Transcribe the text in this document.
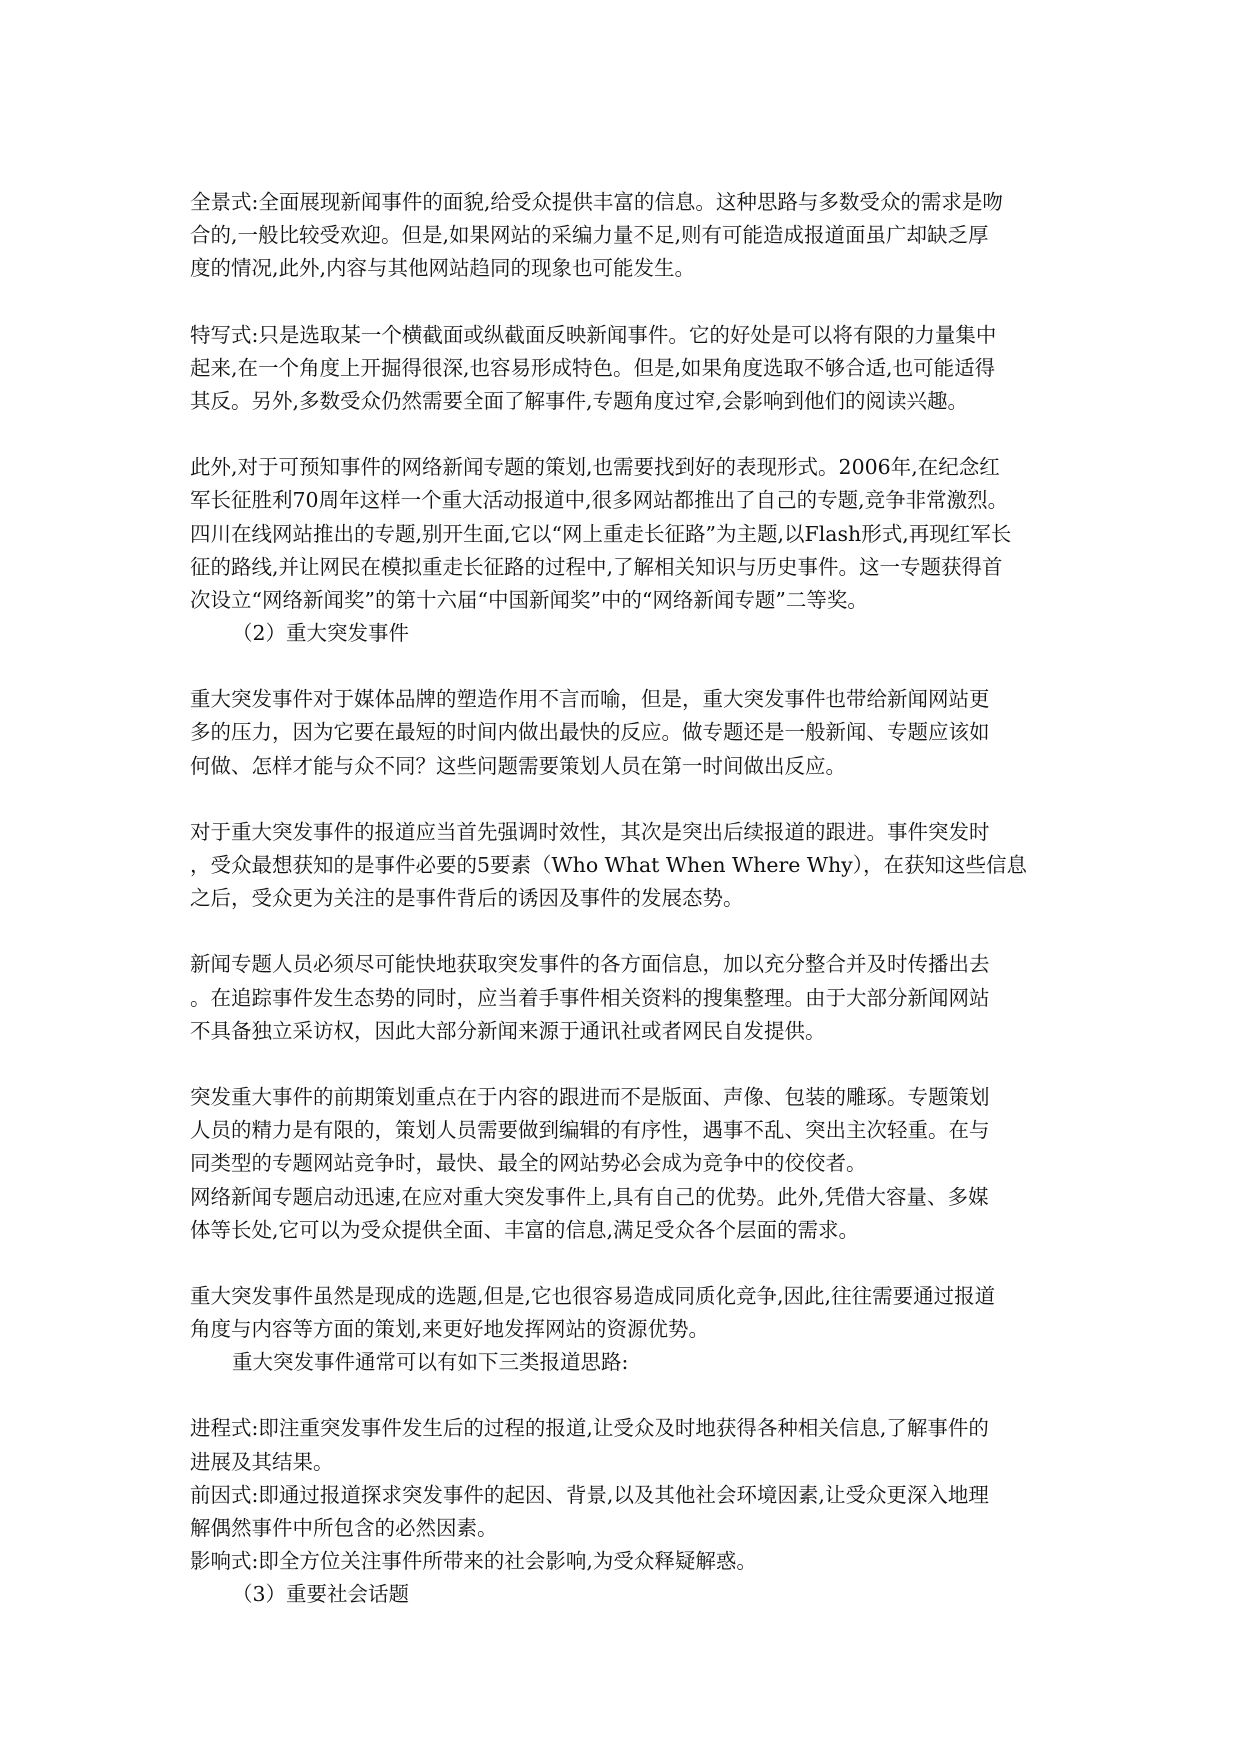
全景式:全面展现新闻事件的面貌,给受众提供丰富的信息。这种思路与多数受众的需求是吻
合的,一般比较受欢迎。但是,如果网站的采编力量不足,则有可能造成报道面虽广却缺乏厚
度的情况,此外,内容与其他网站趋同的现象也可能发生。
特写式:只是选取某一个横截面或纵截面反映新闻事件。它的好处是可以将有限的力量集中
起来,在一个角度上开掘得很深,也容易形成特色。但是,如果角度选取不够合适,也可能适得
其反。另外,多数受众仍然需要全面了解事件,专题角度过窄,会影响到他们的阅读兴趣。
此外,对于可预知事件的网络新闻专题的策划,也需要找到好的表现形式。2006年,在纪念红
军长征胜利70周年这样一个重大活动报道中,很多网站都推出了自己的专题,竞争非常激烈。
四川在线网站推出的专题,别开生面,它以“网上重走长征路”为主题,以Flash形式,再现红军长
征的路线,并让网民在模拟重走长征路的过程中,了解相关知识与历史事件。这一专题获得首
次设立“网络新闻奖”的第十六届“中国新闻奖”中的“网络新闻专题”二等奖。
（2）重大突发事件
重大突发事件对于媒体品牌的塑造作用不言而喻，但是，重大突发事件也带给新闻网站更
多的压力，因为它要在最短的时间内做出最快的反应。做专题还是一般新闻、专题应该如
何做、怎样才能与众不同？这些问题需要策划人员在第一时间做出反应。
对于重大突发事件的报道应当首先强调时效性，其次是突出后续报道的跟进。事件突发时
，受众最想获知的是事件必要的5要素（Who What When Where Why），在获知这些信息
之后，受众更为关注的是事件背后的诱因及事件的发展态势。
新闻专题人员必须尽可能快地获取突发事件的各方面信息，加以充分整合并及时传播出去
。在追踪事件发生态势的同时，应当着手事件相关资料的搜集整理。由于大部分新闻网站
不具备独立采访权，因此大部分新闻来源于通讯社或者网民自发提供。
突发重大事件的前期策划重点在于内容的跟进而不是版面、声像、包装的雕琢。专题策划
人员的精力是有限的，策划人员需要做到编辑的有序性，遇事不乱、突出主次轻重。在与
同类型的专题网站竞争时，最快、最全的网站势必会成为竞争中的佼佼者。
网络新闻专题启动迅速,在应对重大突发事件上,具有自己的优势。此外,凭借大容量、多媒
体等长处,它可以为受众提供全面、丰富的信息,满足受众各个层面的需求。
重大突发事件虽然是现成的选题,但是,它也很容易造成同质化竞争,因此,往往需要通过报道
角度与内容等方面的策划,来更好地发挥网站的资源优势。
重大突发事件通常可以有如下三类报道思路:
进程式:即注重突发事件发生后的过程的报道,让受众及时地获得各种相关信息,了解事件的
进展及其结果。
前因式:即通过报道探求突发事件的起因、背景,以及其他社会环境因素,让受众更深入地理
解偶然事件中所包含的必然因素。
影响式:即全方位关注事件所带来的社会影响,为受众释疑解惑。
（3）重要社会话题
